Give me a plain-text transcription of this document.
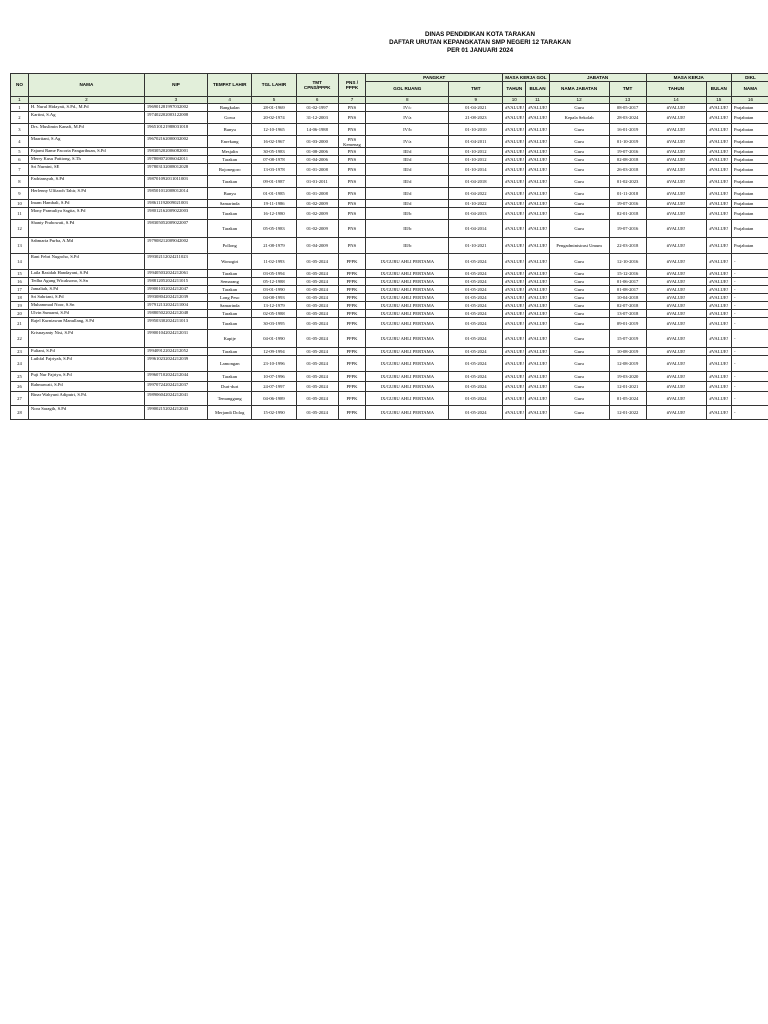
DINAS PENDIDIKAN KOTA TARAKAN
DAFTAR URUTAN KEPANGKATAN SMP NEGERI 12 TARAKAN
PER 01 JANUARI 2024
NO	NAMA	NIP	TEMPAT LAHIR	TGL LAHIR	TMT CPNS/PPPK	PNS / PPPK	PANGKAT		MASA KERJA GOL		JABATAN		MASA KERJA		DIKL
							GOL RUANG	TMT	TAHUN	BULAN	NAMA JABATAN	TMT	TAHUN	BULAN	NAMA
1	2	3	4	5	6	7	8	9	10	11	12	13	14	15	16
1	H. Nurul Hidayati, S.Pd., M.Pd	196901281997032002	Bangkalan	28-01-1969	01-02-1997	PNS	IV/c	01-04-2021	#VALUE!	#VALUE!	Guru	08-05-2017	#VALUE!	#VALUE!	Prajabatan
2	Kartini, S.Ag	197402202003122008	Gowa	20-02-1974	31-12-2003	PNS	IV/a	21-08-2023	#VALUE!	#VALUE!	Kepala Sekolah	28-03-2024	#VALUE!	#VALUE!	Prajabatan
3	Drs. Muslimin Kanafi, M.Pd	196510121988031018	Bunyu	12-10-1965	14-06-1988	PNS	IV/b	01-10-2010	#VALUE!	#VALUE!	Guru	16-01-2019	#VALUE!	#VALUE!	Prajabatan
4	Maartiani, S.Ag	196702162000032002	Enrekang	16-02-1967	01-03-2000	PNS Kemenag	IV/a	01-04-2011	#VALUE!	#VALUE!	Guru	01-10-2019	#VALUE!	#VALUE!	Prajabatan
5	Fajarni Rame Pacoria Pangaribuan, S.Pd	198305202006082001	Mesjalin	30-05-1983	01-08-2006	PNS	III/d	01-10-2012	#VALUE!	#VALUE!	Guru	19-07-2016	#VALUE!	#VALUE!	Prajabatan
6	Merry Kusu Pattiong, S.Th	197808072006042011	Tarakan	07-08-1978	01-04-2006	PNS	III/d	01-10-2012	#VALUE!	#VALUE!	Guru	02-08-2018	#VALUE!	#VALUE!	Prajabatan
7	Sri Nurnini, SE	197803132008012028	Bojonegoro	13-03-1978	01-01-2008	PNS	III/d	01-10-2014	#VALUE!	#VALUE!	Guru	26-03-2018	#VALUE!	#VALUE!	Prajabatan
8	Fadriansyah, S.Pd	198701092011011003	Tarakan	09-01-1987	01-01-2011	PNS	III/d	01-04-2018	#VALUE!	#VALUE!	Guru	01-02-2023	#VALUE!	#VALUE!	Prajabatan
9	Herlenny Ulfiaroh Tahir, S.Pd	198501012008012014	Bunyu	01-01-1985	01-01-2008	PNS	III/d	01-04-2022	#VALUE!	#VALUE!	Guru	01-11-2018	#VALUE!	#VALUE!	Prajabatan
10	Imam Hambali, S.Pd	198611192009021003	Samarinda	19-11-1986	01-02-2009	PNS	III/d	01-10-2022	#VALUE!	#VALUE!	Guru	19-07-2016	#VALUE!	#VALUE!	Prajabatan
11	Mony Pramuliya Sagita, S.Pd	198012162009022003	Tarakan	16-12-1980	01-02-2009	PNS	III/b	01-04-2013	#VALUE!	#VALUE!	Guru	02-01-2018	#VALUE!	#VALUE!	Prajabatan
12	Shanty Prabowati, S.Pd	198305052009022007	Tarakan	05-05-1983	01-02-2009	PNS	III/b	01-04-2014	#VALUE!	#VALUE!	Guru	19-07-2016	#VALUE!	#VALUE!	Prajabatan
13	Sabmaria Purba, A.Md	197908212009042002	Pollong	21-08-1979	01-04-2009	PNS	III/b	01-10-2021	#VALUE!	#VALUE!	Pengadministrasi Umum	22-03-2018	#VALUE!	#VALUE!	Prajabatan
14	Rani Febri Nugroho, S.Pd	199302112024211023	Wonogiri	11-02-1993	01-05-2024	PPPK	IX/GURU AHLI PERTAMA	01-05-2024	#VALUE!	#VALUE!	Guru	12-10-2016	#VALUE!	#VALUE!	-
15	Laila Rasidah Handayani, S.Pd	199405032024212061	Tarakan	03-05-1994	01-05-2024	PPPK	IX/GURU AHLI PERTAMA	01-05-2024	#VALUE!	#VALUE!	Guru	15-12-2016	#VALUE!	#VALUE!	-
16	Tedha Agung Wicaksono, S.Sn	198812052024211015	Semarang	05-12-1988	01-05-2024	PPPK	IX/GURU AHLI PERTAMA	01-05-2024	#VALUE!	#VALUE!	Guru	01-06-2017	#VALUE!	#VALUE!	-
17	Jamaliah, S.Pd	199001032024212047	Tarakan	03-01-1990	01-05-2024	PPPK	IX/GURU AHLI PERTAMA	01-05-2024	#VALUE!	#VALUE!	Guru	01-08-2017	#VALUE!	#VALUE!	-
18	Sri Sahriani, S.Pd	199308042024212039	Long Peso	04-08-1993	01-05-2024	PPPK	IX/GURU AHLI PERTAMA	01-05-2024	#VALUE!	#VALUE!	Guru	10-04-2018	#VALUE!	#VALUE!	-
19	Muhammad Noor, S.Sn	197912132024211004	Samarinda	13-12-1979	01-05-2024	PPPK	IX/GURU AHLI PERTAMA	01-05-2024	#VALUE!	#VALUE!	Guru	02-07-2018	#VALUE!	#VALUE!	-
20	Ulvin Sumarni, S.Pd	198805022024212048	Tarakan	02-05-1988	01-05-2024	PPPK	IX/GURU AHLI PERTAMA	01-05-2024	#VALUE!	#VALUE!	Guru	13-07-2018	#VALUE!	#VALUE!	-
21	Rajel Kurniawan Manullang, S.Pd	199503302024211013	Tarakan	30-03-1995	01-05-2024	PPPK	IX/GURU AHLI PERTAMA	01-05-2024	#VALUE!	#VALUE!	Guru	09-01-2019	#VALUE!	#VALUE!	-
22	Krisnayanty Nisi, S.Pd	199001042024212031	Kapije	04-01-1990	01-05-2024	PPPK	IX/GURU AHLI PERTAMA	01-05-2024	#VALUE!	#VALUE!	Guru	15-07-2019	#VALUE!	#VALUE!	-
23	Fuliani, S.Pd	199409122024212052	Tarakan	12-09-1994	01-05-2024	PPPK	IX/GURU AHLI PERTAMA	01-05-2024	#VALUE!	#VALUE!	Guru	10-08-2019	#VALUE!	#VALUE!	-
24	Luthfal Fajriyah, S.Pd	199610232024212039	Lamongan	23-10-1996	01-05-2024	PPPK	IX/GURU AHLI PERTAMA	01-05-2024	#VALUE!	#VALUE!	Guru	12-08-2019	#VALUE!	#VALUE!	-
25	Puji Nur Fajriya, S.Pd	199607102024212044	Tarakan	10-07-1996	01-05-2024	PPPK	IX/GURU AHLI PERTAMA	01-05-2024	#VALUE!	#VALUE!	Guru	19-03-2020	#VALUE!	#VALUE!	-
26	Rahmawati, S.Pd	199707242024212037	Duri-duri	24-07-1997	01-05-2024	PPPK	IX/GURU AHLI PERTAMA	01-05-2024	#VALUE!	#VALUE!	Guru	12-01-2021	#VALUE!	#VALUE!	-
27	Binar Wahyuni Adiputri, S.Pd.	198906042024212041	Temanggung	04-06-1989	01-05-2024	PPPK	IX/GURU AHLI PERTAMA	01-05-2024	#VALUE!	#VALUE!	Guru	01-05-2024	#VALUE!	#VALUE!	-
28	Nora Saragih, S.Pd	199002152024212043	Merjandi Dolog	15-02-1990	01-05-2024	PPPK	IX/GURU AHLI PERTAMA	01-05-2024	#VALUE!	#VALUE!	Guru	12-01-2022	#VALUE!	#VALUE!	-
